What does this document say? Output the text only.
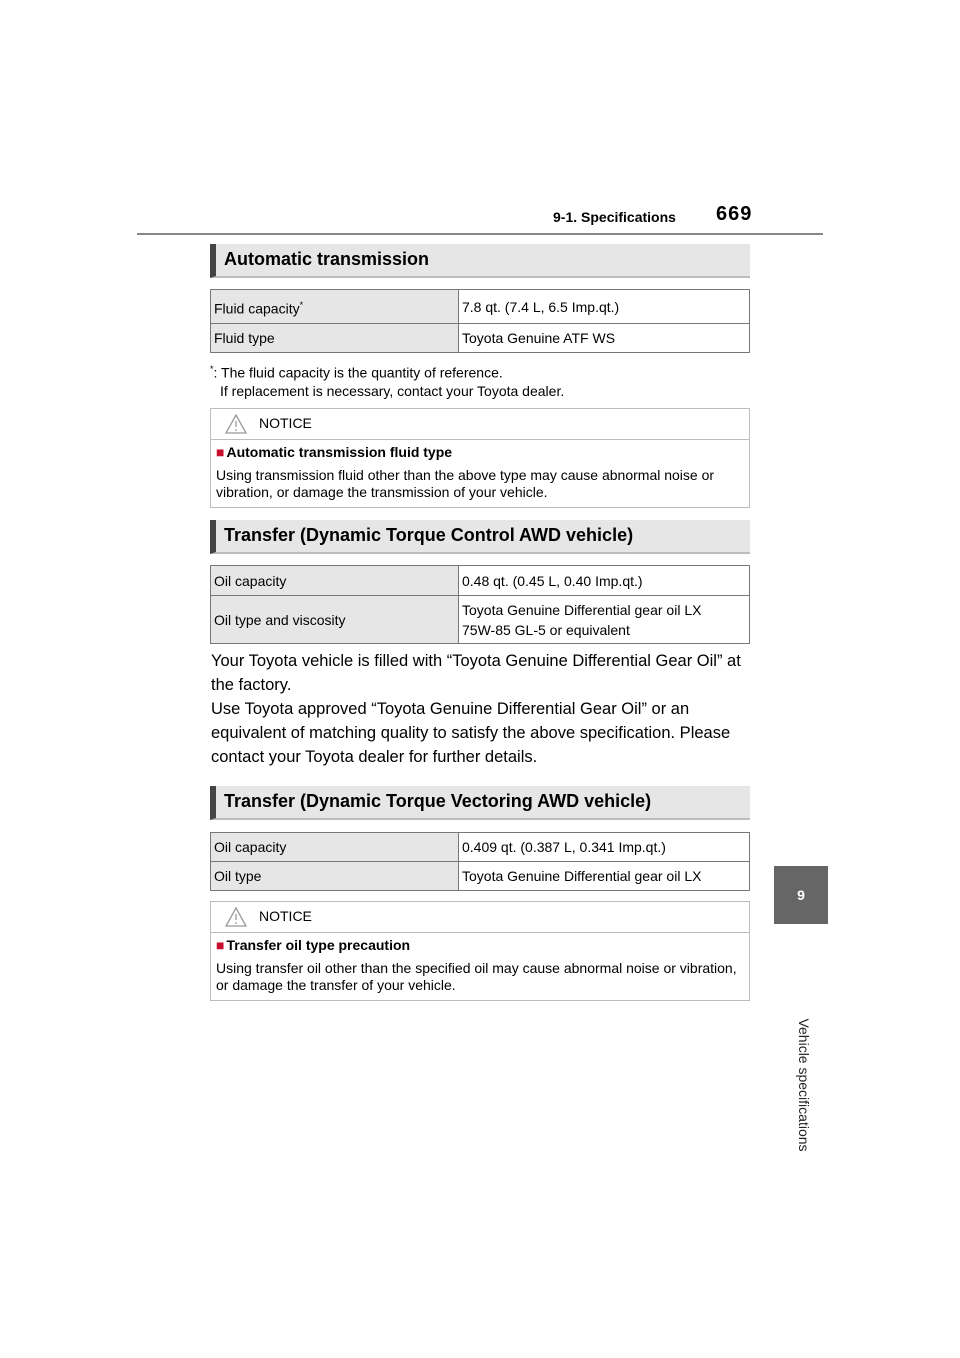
9-1. Specifications 669
9
Vehicle specifications
Automatic transmission
Fluid capacity*	7.8 qt. (7.4 L, 6.5 Imp.qt.)
Fluid type	Toyota Genuine ATF WS
*: The fluid capacity is the quantity of reference.
If replacement is necessary, contact your Toyota dealer.
NOTICE
■ Automatic transmission fluid type
Using transmission fluid other than the above type may cause abnormal noise or vibration, or damage the transmission of your vehicle.
Transfer (Dynamic Torque Control AWD vehicle)
Oil capacity	0.48 qt. (0.45 L, 0.40 Imp.qt.)
Oil type and viscosity	Toyota Genuine Differential gear oil LX
75W-85 GL-5 or equivalent
Your Toyota vehicle is filled with “Toyota Genuine Differential Gear Oil” at the factory.
Use Toyota approved “Toyota Genuine Differential Gear Oil” or an equivalent of matching quality to satisfy the above specification. Please contact your Toyota dealer for further details.
Transfer (Dynamic Torque Vectoring AWD vehicle)
Oil capacity	0.409 qt. (0.387 L, 0.341 Imp.qt.)
Oil type	Toyota Genuine Differential gear oil LX
NOTICE
■ Transfer oil type precaution
Using transfer oil other than the specified oil may cause abnormal noise or vibration, or damage the transfer of your vehicle.
